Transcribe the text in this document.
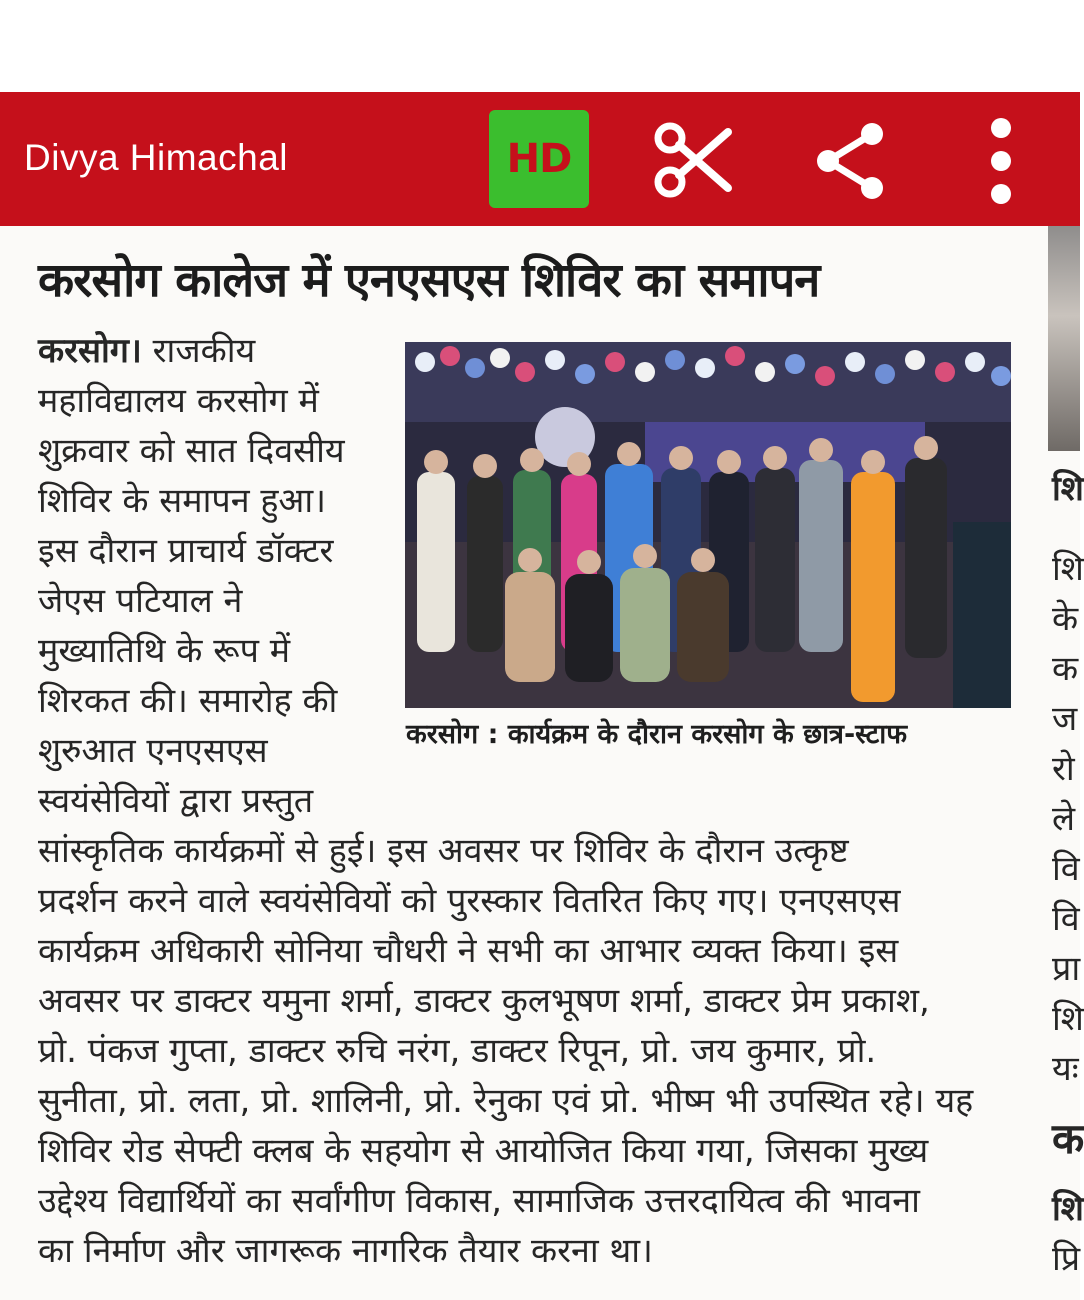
Divya Himachal	HD
करसोग कालेज में एनएसएस शिविर का समापन
करसोग। राजकीय
महाविद्यालय करसोग में
शुक्रवार को सात दिवसीय
शिविर के समापन हुआ।
इस दौरान प्राचार्य डॉक्टर
जेएस पटियाल ने
मुख्यातिथि के रूप में
शिरकत की। समारोह की
शुरुआत एनएसएस
स्वयंसेवियों द्वारा प्रस्तुत
सांस्कृतिक कार्यक्रमों से हुई। इस अवसर पर शिविर के दौरान उत्कृष्ट
प्रदर्शन करने वाले स्वयंसेवियों को पुरस्कार वितरित किए गए। एनएसएस
कार्यक्रम अधिकारी सोनिया चौधरी ने सभी का आभार व्यक्त किया। इस
अवसर पर डाक्टर यमुना शर्मा, डाक्टर कुलभूषण शर्मा, डाक्टर प्रेम प्रकाश,
प्रो. पंकज गुप्ता, डाक्टर रुचि नरंग, डाक्टर रिपून, प्रो. जय कुमार, प्रो.
सुनीता, प्रो. लता, प्रो. शालिनी, प्रो. रेनुका एवं प्रो. भीष्म भी उपस्थित रहे। यह
शिविर रोड सेफ्टी क्लब के सहयोग से आयोजित किया गया, जिसका मुख्य
उद्देश्य विद्यार्थियों का सर्वांगीण विकास, सामाजिक उत्तरदायित्व की भावना
का निर्माण और जागरूक नागरिक तैयार करना था।
करसोग : कार्यक्रम के दौरान करसोग के छात्र-स्टाफ
शि
शि
के
क
ज
रो
ले
वि
वि
प्रा
शि
यः
क
शि
प्रि
